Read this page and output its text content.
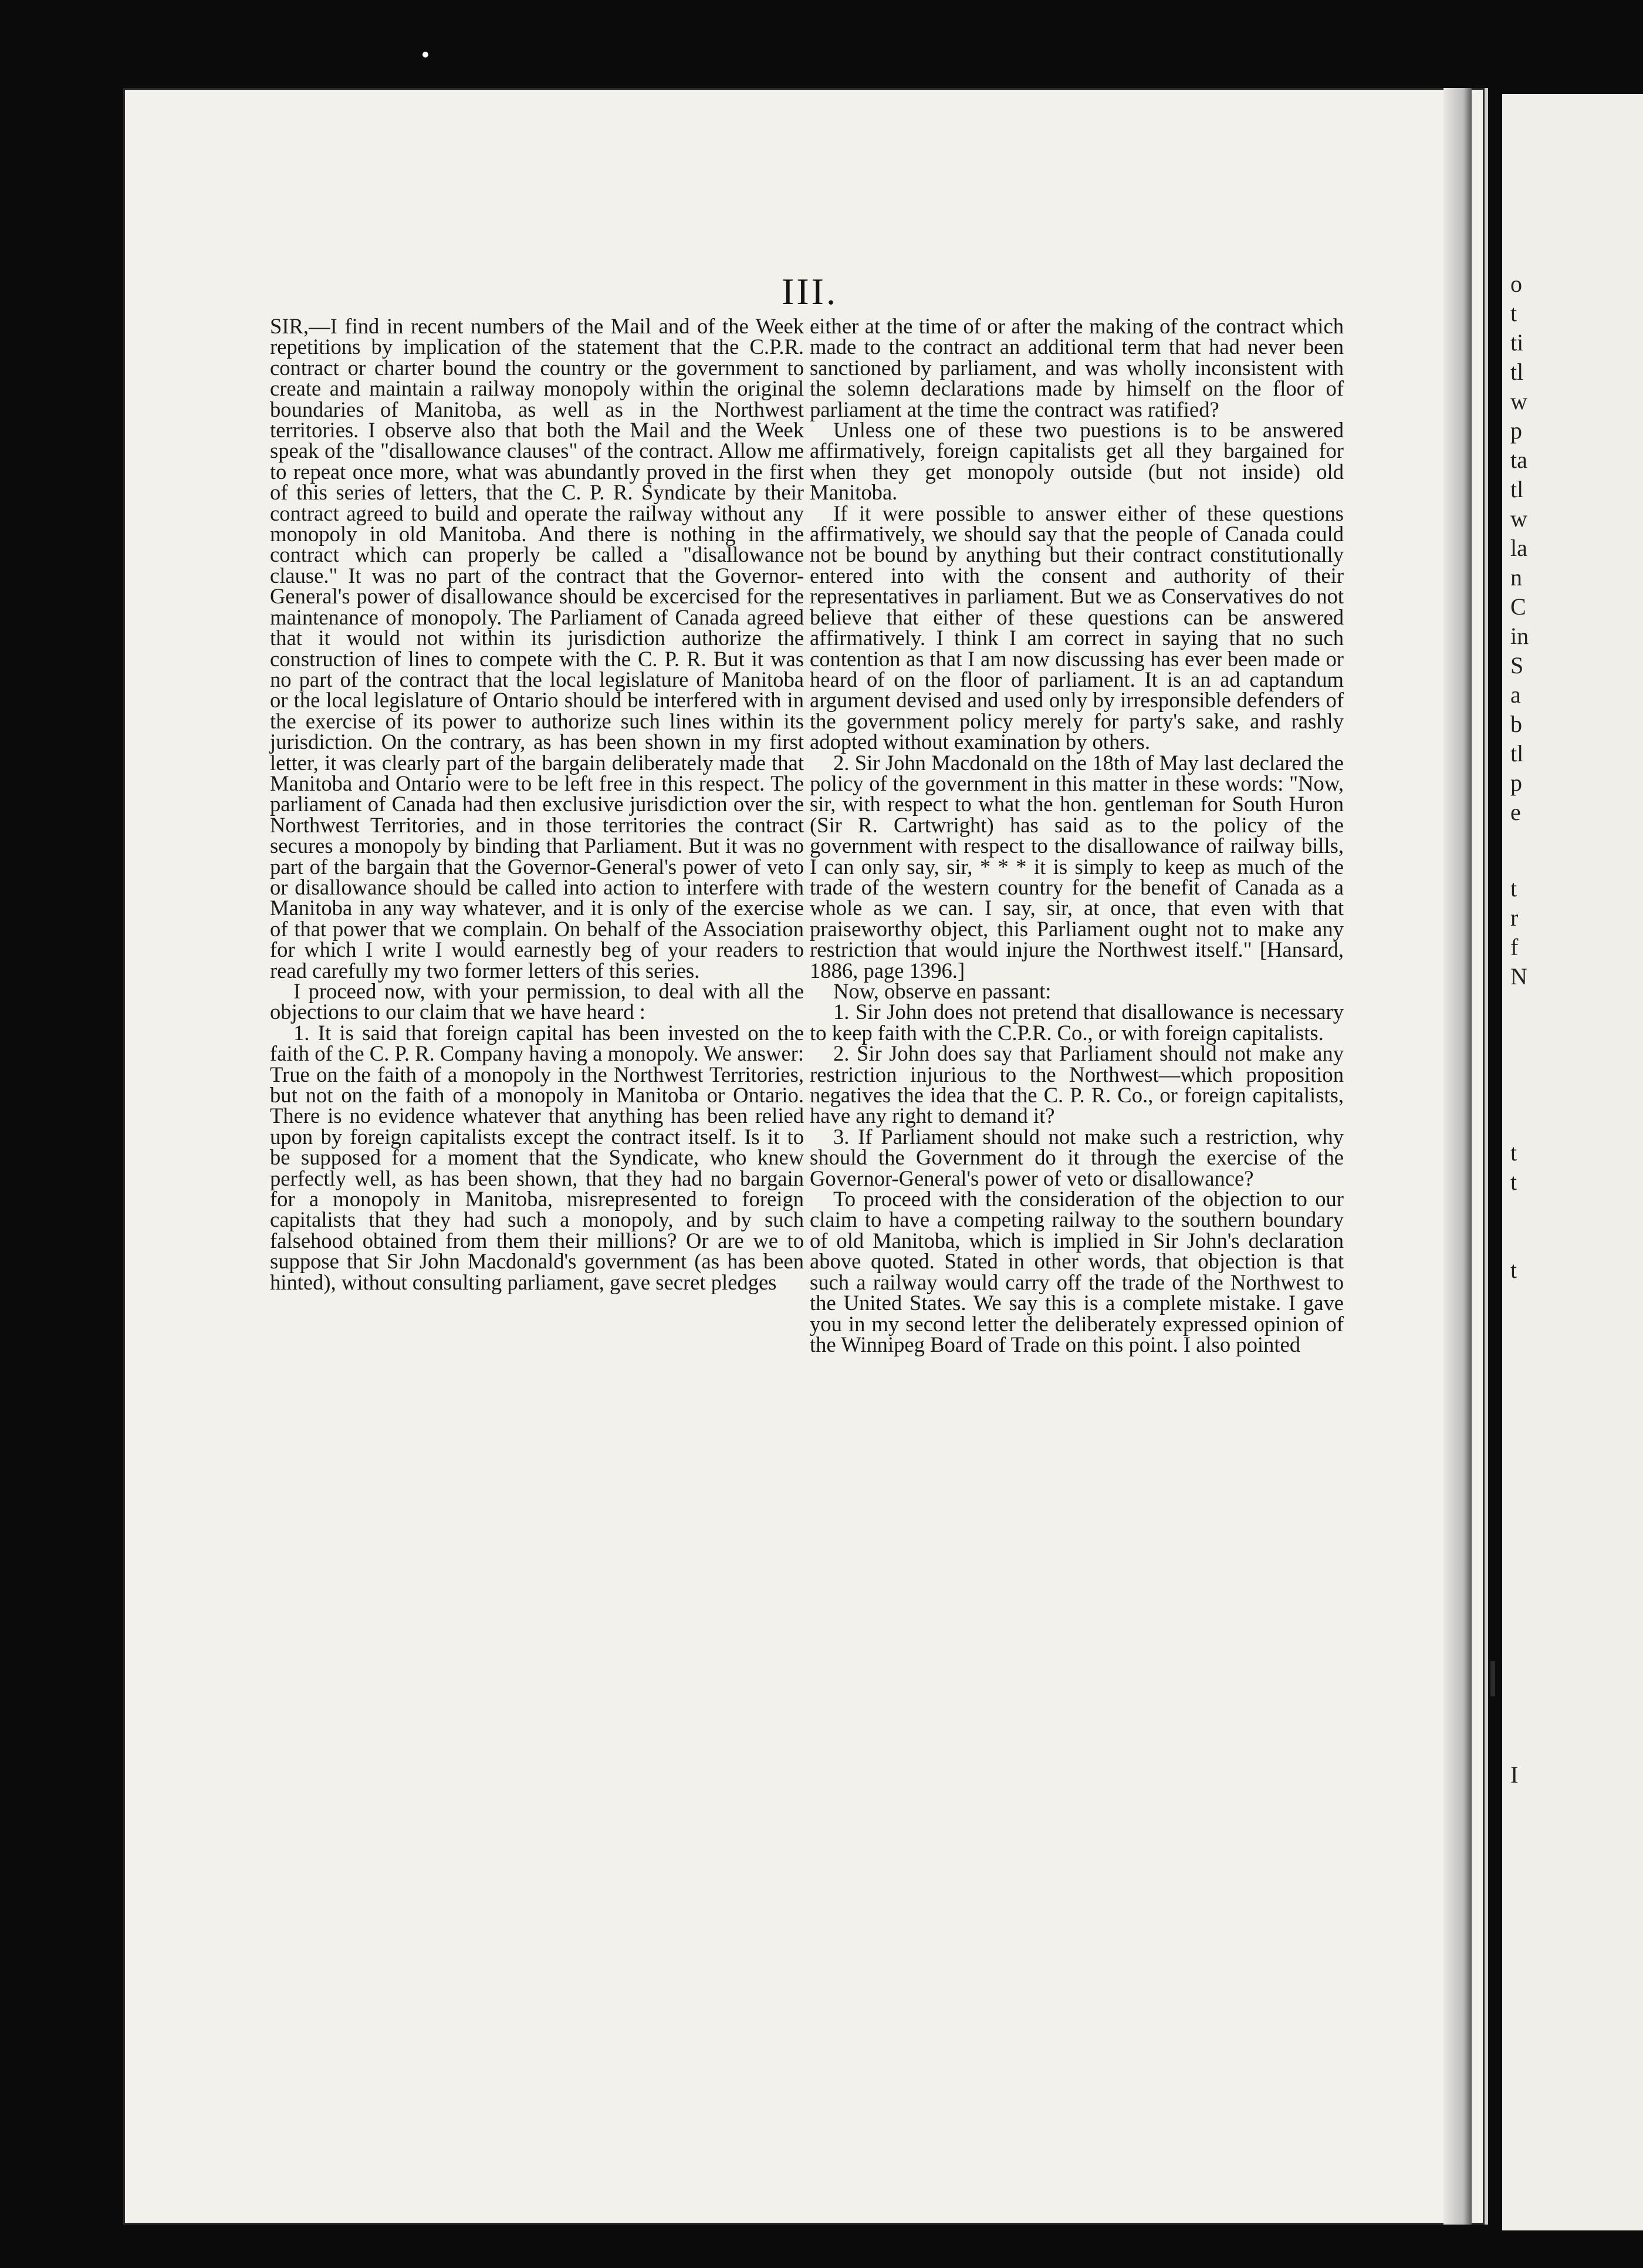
o
t
ti
tl
w
p
ta
tl
w
la
n
C
in
S
a
b
tl
p
e
t
r
f
N
t
t
t
I
III.

SIR,—I find in recent numbers of the Mail and of the Week repetitions by implication of the statement that the C.P.R. contract or charter bound the country or the government to create and maintain a railway monopoly within the original boundaries of Manitoba, as well as in the Northwest territories. I observe also that both the Mail and the Week speak of the "disallowance clauses" of the contract. Allow me to repeat once more, what was abundantly proved in the first of this series of letters, that the C. P. R. Syndicate by their contract agreed to build and operate the railway without any monopoly in old Manitoba. And there is nothing in the contract which can properly be called a "disallowance clause." It was no part of the contract that the Governor-General's power of disallowance should be excercised for the maintenance of monopoly. The Parliament of Canada agreed that it would not within its jurisdiction authorize the construction of lines to compete with the C. P. R. But it was no part of the contract that the local legislature of Manitoba or the local legislature of Ontario should be interfered with in the exercise of its power to authorize such lines within its jurisdiction. On the contrary, as has been shown in my first letter, it was clearly part of the bargain deliberately made that Manitoba and Ontario were to be left free in this respect. The parliament of Canada had then exclusive jurisdiction over the Northwest Territories, and in those territories the contract secures a monopoly by binding that Parliament. But it was no part of the bargain that the Governor-General's power of veto or disallowance should be called into action to interfere with Manitoba in any way whatever, and it is only of the exercise of that power that we complain. On behalf of the Association for which I write I would earnestly beg of your readers to read carefully my two former letters of this series.

I proceed now, with your permission, to deal with all the objections to our claim that we have heard :

1. It is said that foreign capital has been invested on the faith of the C. P. R. Company having a monopoly. We answer: True on the faith of a monopoly in the Northwest Territories, but not on the faith of a monopoly in Manitoba or Ontario. There is no evidence whatever that anything has been relied upon by foreign capitalists except the contract itself. Is it to be supposed for a moment that the Syndicate, who knew perfectly well, as has been shown, that they had no bargain for a monopoly in Manitoba, misrepresented to foreign capitalists that they had such a monopoly, and by such falsehood obtained from them their millions? Or are we to suppose that Sir John Macdonald's government (as has been hinted), without consulting parliament, gave secret pledges

either at the time of or after the making of the contract which made to the contract an additional term that had never been sanctioned by parliament, and was wholly inconsistent with the solemn declarations made by himself on the floor of parliament at the time the contract was ratified?

Unless one of these two puestions is to be answered affirmatively, foreign capitalists get all they bargained for when they get monopoly outside (but not inside) old Manitoba.

If it were possible to answer either of these questions affirmatively, we should say that the people of Canada could not be bound by anything but their contract constitutionally entered into with the consent and authority of their representatives in parliament. But we as Conservatives do not believe that either of these questions can be answered affirmatively. I think I am correct in saying that no such contention as that I am now discussing has ever been made or heard of on the floor of parliament. It is an ad captandum argument devised and used only by irresponsible defenders of the government policy merely for party's sake, and rashly adopted without examination by others.

2. Sir John Macdonald on the 18th of May last declared the policy of the government in this matter in these words: "Now, sir, with respect to what the hon. gentleman for South Huron (Sir R. Cartwright) has said as to the policy of the government with respect to the disallowance of railway bills, I can only say, sir, * * * it is simply to keep as much of the trade of the western country for the benefit of Canada as a whole as we can. I say, sir, at once, that even with that praiseworthy object, this Parliament ought not to make any restriction that would injure the Northwest itself." [Hansard, 1886, page 1396.]

Now, observe en passant:

1. Sir John does not pretend that disallowance is necessary to keep faith with the C.P.R. Co., or with foreign capitalists.

2. Sir John does say that Parliament should not make any restriction injurious to the Northwest—which proposition negatives the idea that the C. P. R. Co., or foreign capitalists, have any right to demand it?

3. If Parliament should not make such a restriction, why should the Government do it through the exercise of the Governor-General's power of veto or disallowance?

To proceed with the consideration of the objection to our claim to have a competing railway to the southern boundary of old Manitoba, which is implied in Sir John's declaration above quoted. Stated in other words, that objection is that such a railway would carry off the trade of the Northwest to the United States. We say this is a complete mistake. I gave you in my second letter the deliberately expressed opinion of the Winnipeg Board of Trade on this point. I also pointed
